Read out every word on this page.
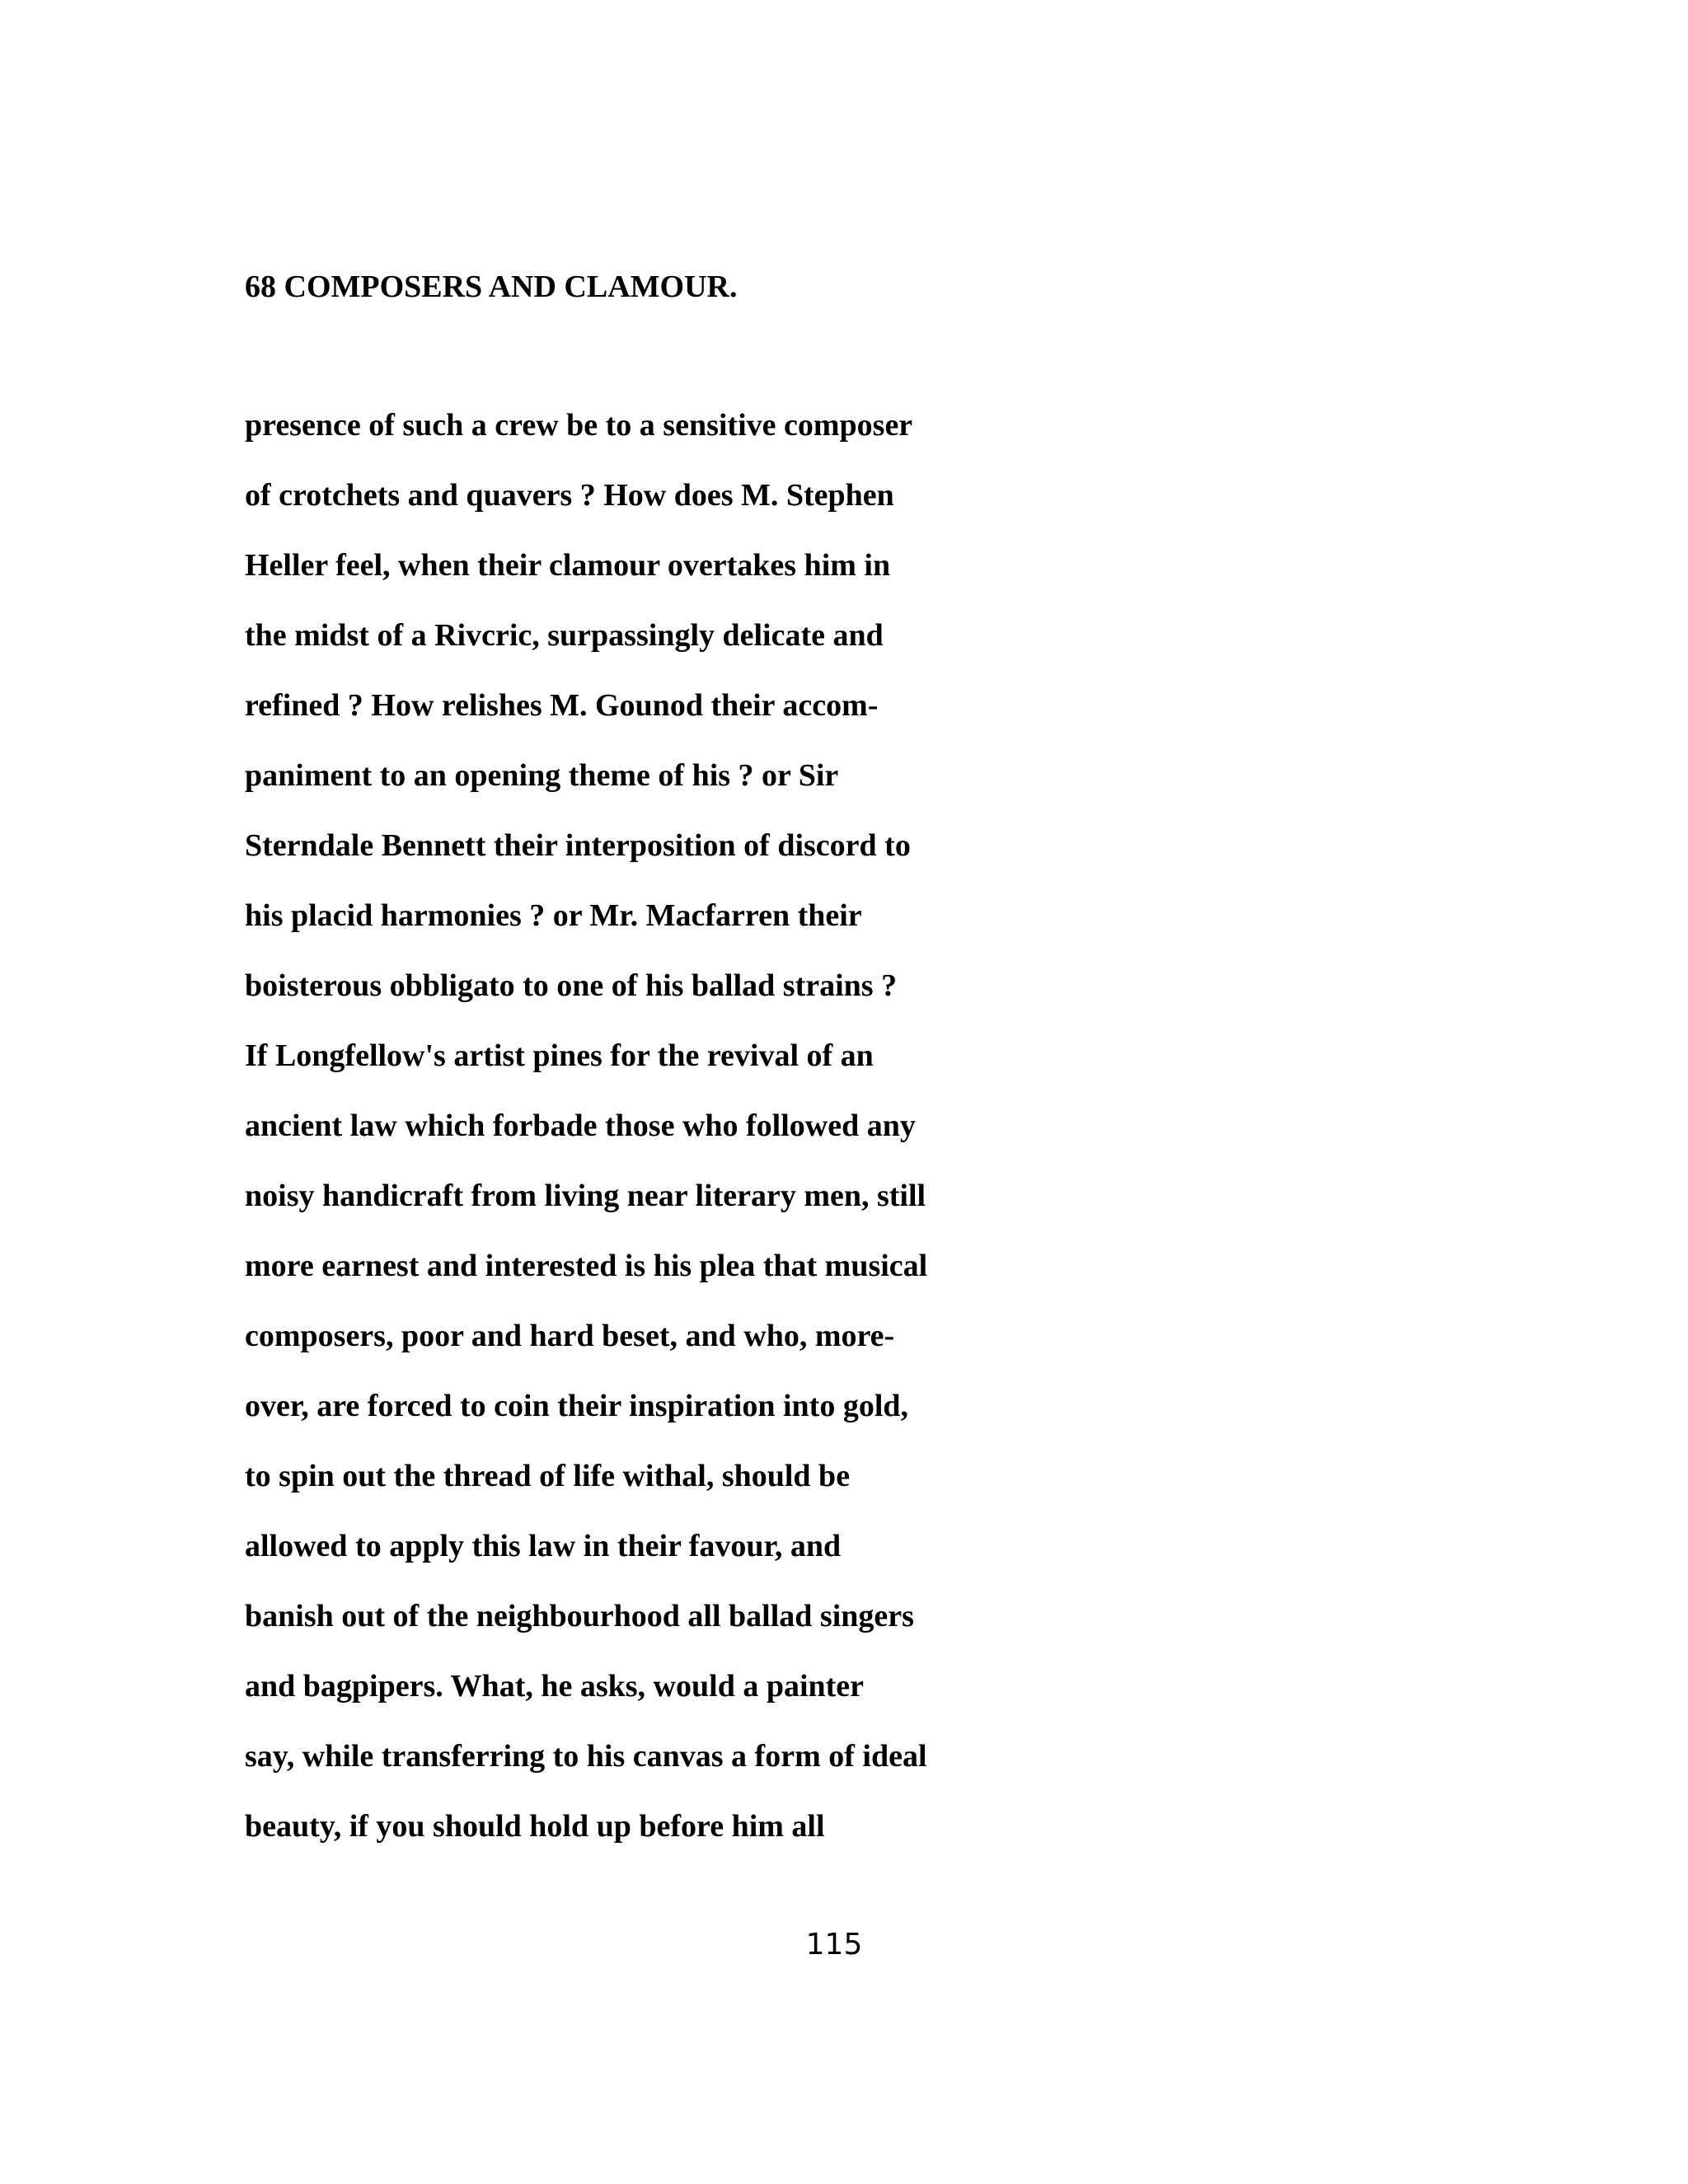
68 COMPOSERS AND CLAMOUR.
presence of such a crew be to a sensitive composer
of crotchets and quavers ? How does M. Stephen
Heller feel, when their clamour overtakes him in
the midst of a Rivcric, surpassingly delicate and
refined ? How relishes M. Gounod their accom-
paniment to an opening theme of his ? or Sir
Sterndale Bennett their interposition of discord to
his placid harmonies ? or Mr. Macfarren their
boisterous obbligato to one of his ballad strains ?
If Longfellow's artist pines for the revival of an
ancient law which forbade those who followed any
noisy handicraft from living near literary men, still
more earnest and interested is his plea that musical
composers, poor and hard beset, and who, more-
over, are forced to coin their inspiration into gold,
to spin out the thread of life withal, should be
allowed to apply this law in their favour, and
banish out of the neighbourhood all ballad singers
and bagpipers. What, he asks, would a painter
say, while transferring to his canvas a form of ideal
beauty, if you should hold up before him all

115
